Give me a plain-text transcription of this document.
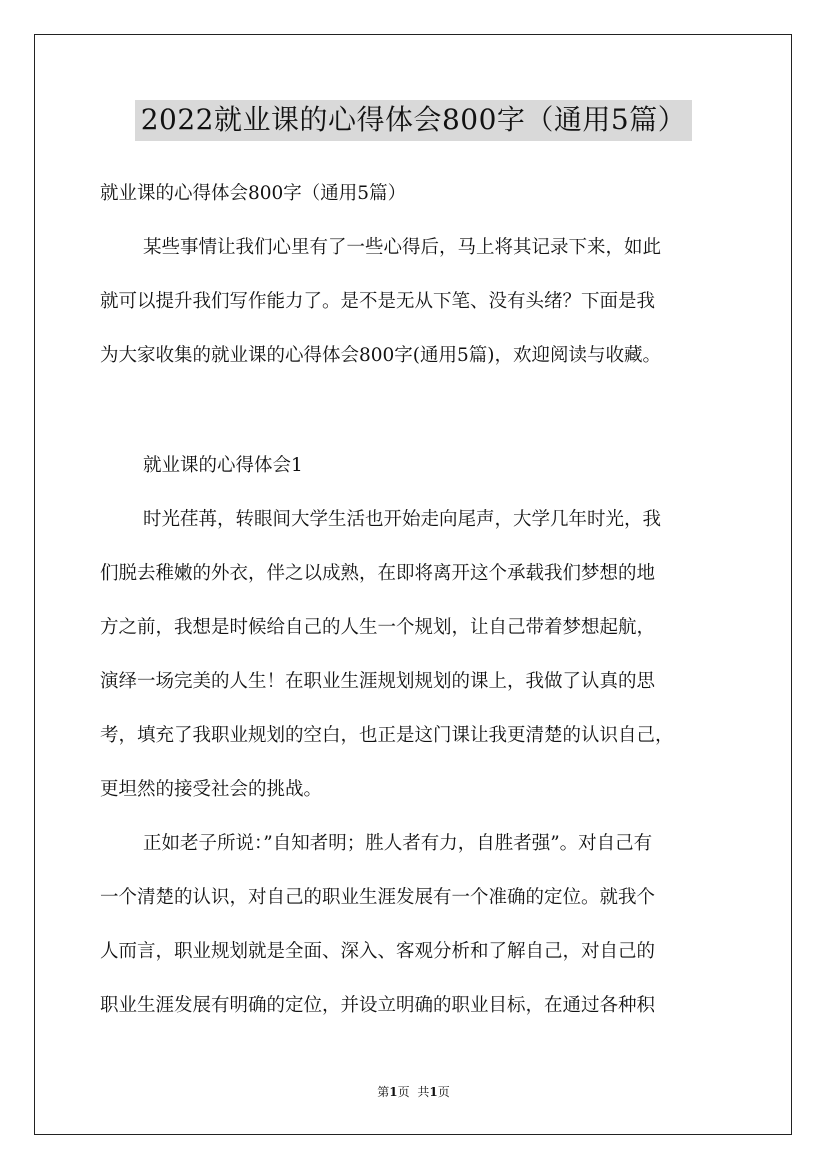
2022就业课的心得体会800字（通用5篇）
就业课的心得体会800字（通用5篇）
某些事情让我们心里有了一些心得后，马上将其记录下来，如此
就可以提升我们写作能力了。是不是无从下笔、没有头绪？下面是我
为大家收集的就业课的心得体会800字(通用5篇)，欢迎阅读与收藏。
就业课的心得体会1
时光荏苒，转眼间大学生活也开始走向尾声，大学几年时光，我
们脱去稚嫩的外衣，伴之以成熟，在即将离开这个承载我们梦想的地
方之前，我想是时候给自己的人生一个规划，让自己带着梦想起航，
演绎一场完美的人生！在职业生涯规划规划的课上，我做了认真的思
考，填充了我职业规划的空白，也正是这门课让我更清楚的认识自己，
更坦然的接受社会的挑战。
正如老子所说：”自知者明；胜人者有力，自胜者强”。对自己有
一个清楚的认识，对自己的职业生涯发展有一个准确的定位。就我个
人而言，职业规划就是全面、深入、客观分析和了解自己，对自己的
职业生涯发展有明确的定位，并设立明确的职业目标，在通过各种积
第1页 共1页
